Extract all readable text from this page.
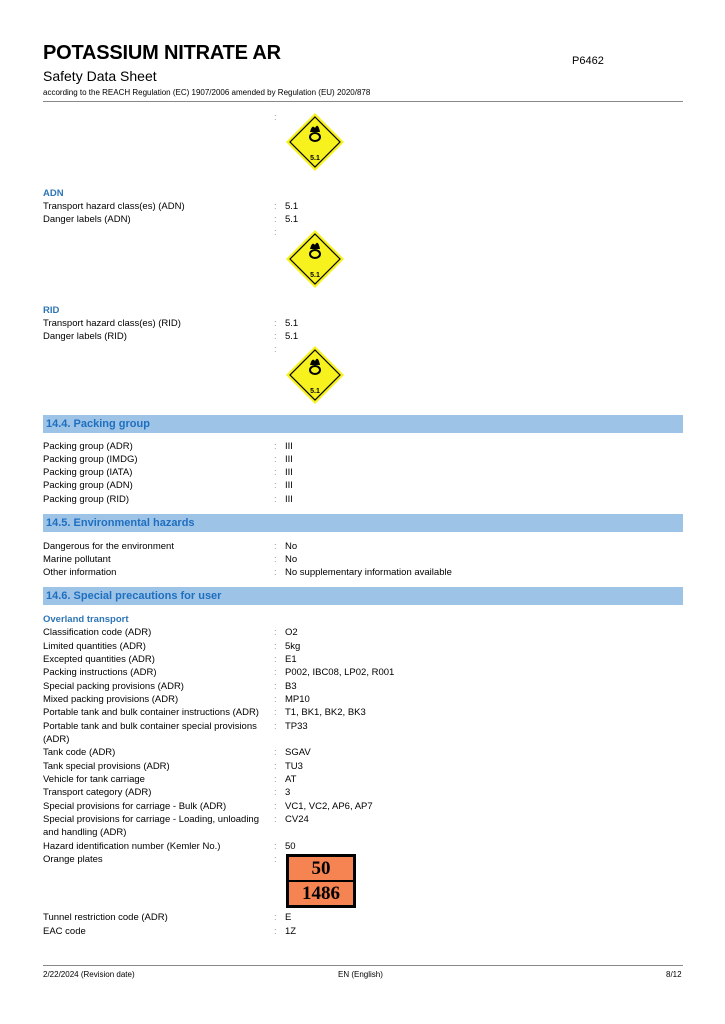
POTASSIUM NITRATE AR	P6462
Safety Data Sheet
according to the REACH Regulation (EC) 1907/2006 amended by Regulation (EU) 2020/878
:
5.1
ADN
Transport hazard class(es) (ADN)	: 5.1
Danger labels (ADN)	: 5.1
:
5.1
RID
Transport hazard class(es) (RID)	: 5.1
Danger labels (RID)	: 5.1
:
5.1
14.4. Packing group
Packing group (ADR)	: III
Packing group (IMDG)	: III
Packing group (IATA)	: III
Packing group (ADN)	: III
Packing group (RID)	: III
14.5. Environmental hazards
Dangerous for the environment	: No
Marine pollutant	: No
Other information	: No supplementary information available
14.6. Special precautions for user
Overland transport
Classification code (ADR)	: O2
Limited quantities (ADR)	: 5kg
Excepted quantities (ADR)	: E1
Packing instructions (ADR)	: P002, IBC08, LP02, R001
Special packing provisions (ADR)	: B3
Mixed packing provisions (ADR)	: MP10
Portable tank and bulk container instructions (ADR)	: T1, BK1, BK2, BK3
Portable tank and bulk container special provisions (ADR)
: TP33
Tank code (ADR)	: SGAV
Tank special provisions (ADR)	: TU3
Vehicle for tank carriage	: AT
Transport category (ADR)	: 3
Special provisions for carriage - Bulk (ADR)	: VC1, VC2, AP6, AP7
Special provisions for carriage - Loading, unloading and handling (ADR)
: CV24
Hazard identification number (Kemler No.)	: 50
Orange plates	:	50
1486
Tunnel restriction code (ADR)	: E
EAC code	: 1Z
2/22/2024 (Revision date)	EN (English)	8/12
